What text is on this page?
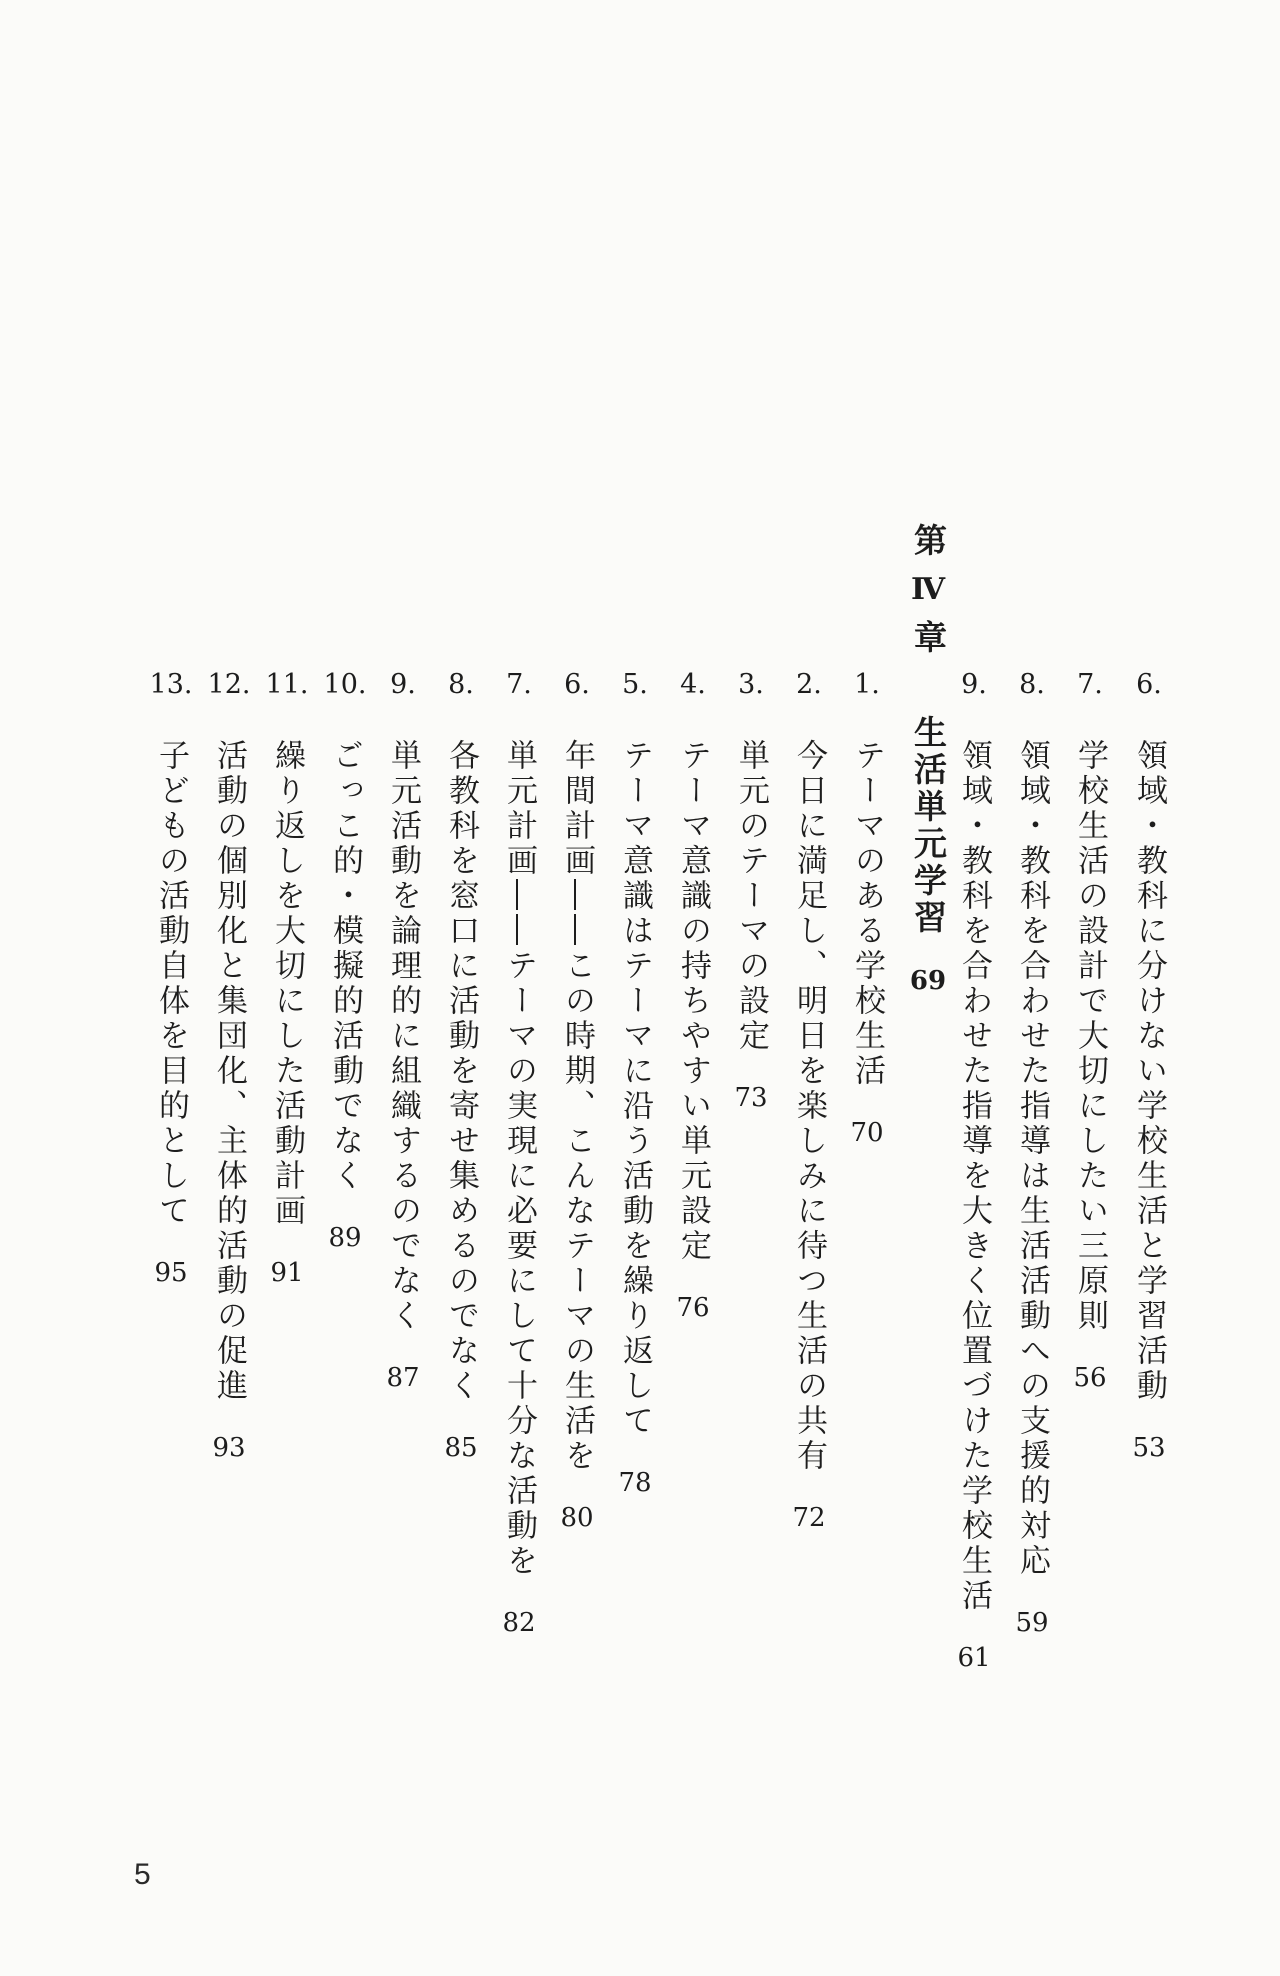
6.領域・教科に分けない学校生活と学習活動53
7.学校生活の設計で大切にしたい三原則56
8.領域・教科を合わせた指導は生活活動への支援的対応59
9.領域・教科を合わせた指導を大きく位置づけた学校生活61
第Ⅳ章生活単元学習69
1.テーマのある学校生活70
2.今日に満足し、明日を楽しみに待つ生活の共有72
3.単元のテーマの設定73
4.テーマ意識の持ちやすい単元設定76
5.テーマ意識はテーマに沿う活動を繰り返して78
6.年間計画――この時期、こんなテーマの生活を80
7.単元計画――テーマの実現に必要にして十分な活動を82
8.各教科を窓口に活動を寄せ集めるのでなく85
9.単元活動を論理的に組織するのでなく87
10.ごっこ的・模擬的活動でなく89
11.繰り返しを大切にした活動計画91
12.活動の個別化と集団化、主体的活動の促進93
13.子どもの活動自体を目的として95
5
